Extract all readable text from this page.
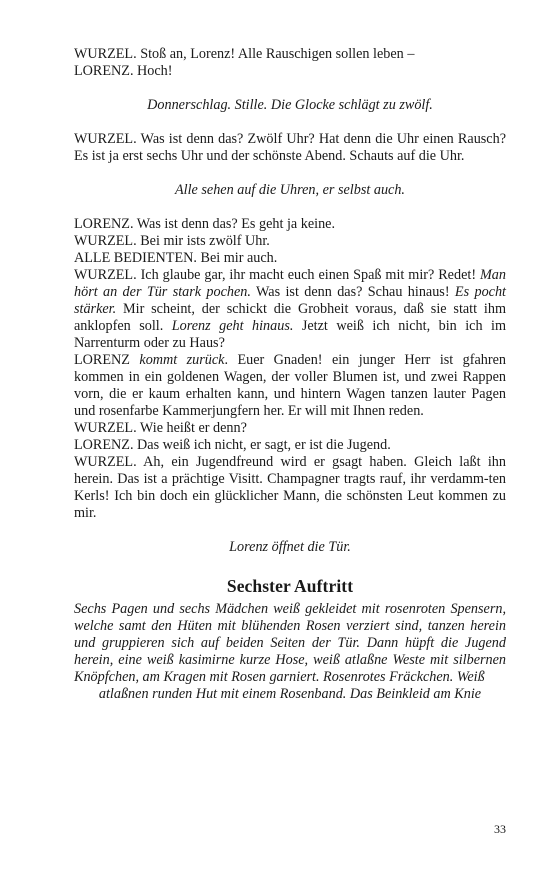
WURZEL. Stoß an, Lorenz! Alle Rauschigen sollen leben –

LORENZ. Hoch!

Donnerschlag. Stille. Die Glocke schlägt zu zwölf.

WURZEL. Was ist denn das? Zwölf Uhr? Hat denn die Uhr einen Rausch? Es ist ja erst sechs Uhr und der schönste Abend. Schauts auf die Uhr.

Alle sehen auf die Uhren, er selbst auch.

LORENZ. Was ist denn das? Es geht ja keine.

WURZEL. Bei mir ists zwölf Uhr.

ALLE BEDIENTEN. Bei mir auch.

WURZEL. Ich glaube gar, ihr macht euch einen Spaß mit mir? Redet! Man hört an der Tür stark pochen. Was ist denn das? Schau hinaus! Es pocht stärker. Mir scheint, der schickt die Grobheit voraus, daß sie statt ihm anklopfen soll. Lorenz geht hinaus. Jetzt weiß ich nicht, bin ich im Narrenturm oder zu Haus?

LORENZ kommt zurück. Euer Gnaden! ein junger Herr ist gfahren kommen in ein goldenen Wagen, der voller Blumen ist, und zwei Rappen vorn, die er kaum erhalten kann, und hintern Wagen tanzen lauter Pagen und rosenfarbe Kammerjungfern her. Er will mit Ihnen reden.

WURZEL. Wie heißt er denn?

LORENZ. Das weiß ich nicht, er sagt, er ist die Jugend.

WURZEL. Ah, ein Jugendfreund wird er gsagt haben. Gleich laßt ihn herein. Das ist a prächtige Visitt. Champagner tragts rauf, ihr verdamm-ten Kerls! Ich bin doch ein glücklicher Mann, die schönsten Leut kommen zu mir.

Lorenz öffnet die Tür.

Sechster Auftritt

Sechs Pagen und sechs Mädchen weiß gekleidet mit rosenroten Spensern, welche samt den Hüten mit blühenden Rosen verziert sind, tanzen herein und gruppieren sich auf beiden Seiten der Tür. Dann hüpft die Jugend herein, eine weiß kasimirne kurze Hose, weiß atlaßne Weste mit silbernen Knöpfchen, am Kragen mit Rosen garniert. Rosenrotes Fräckchen. Weiß

atlaßnen runden Hut mit einem Rosenband. Das Beinkleid am Knie

33
